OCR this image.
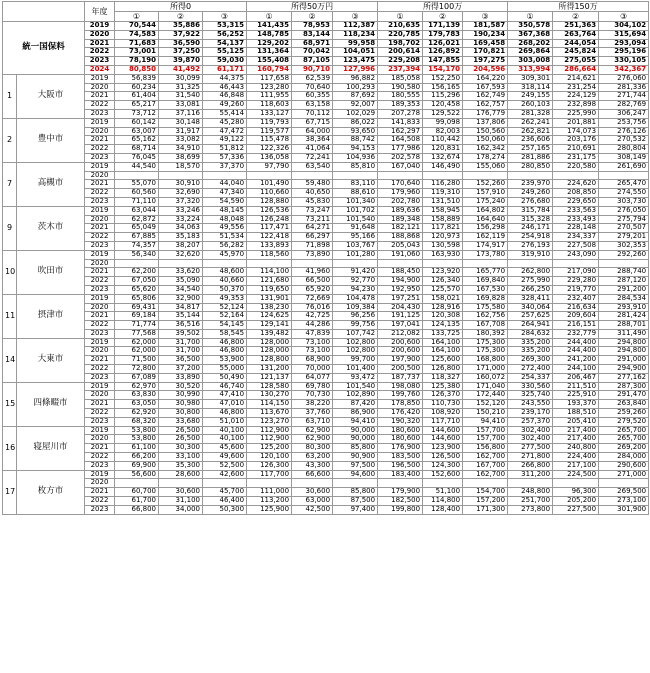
		年度	所得0			所得50万円			所得100万			所得150万		
			①	②	③	①	②	③	①	②	③	①	②	③
統一国保料		2019	70,544	35,886	53,315	141,435	78,953	112,387	210,635	171,139	181,587	350,578	251,363	304,102
		2020	74,583	37,922	56,252	148,785	83,144	118,234	220,785	179,783	190,234	367,368	263,764	315,694
		2021	71,683	36,590	54,137	129,202	68,971	99,958	198,702	126,021	169,458	268,202	244,054	293,094
		2022	73,001	37,250	55,125	131,364	70,042	104,051	200,614	126,892	170,821	269,864	245,824	295,196
		2023	78,190	39,870	59,030	155,408	87,105	123,475	229,208	147,855	197,275	303,008	275,055	330,105
		2024	80,850	41,492	61,171	160,794	90,710	127,996	237,394	154,170	204,596	313,994	286,664	342,367
1	大阪市	2019	56,839	30,099	44,375	117,658	62,539	96,882	185,058	152,250	164,220	309,301	214,621	276,060
		2020	60,234	31,325	46,443	123,280	70,640	100,293	190,580	156,165	167,593	318,114	231,254	281,336
		2021	61,404	31,540	46,848	111,955	60,355	87,692	180,555	115,296	162,749	249,155	224,129	271,744
		2022	65,217	33,081	49,260	118,603	63,158	92,007	189,353	120,458	162,757	260,103	232,898	282,769
		2023	73,712	37,116	55,414	133,127	70,112	102,029	207,278	129,522	176,779	281,328	225,990	306,247
2	豊中市	2019	60,142	30,148	45,280	119,793	67,715	86,022	141,833	99,098	137,806	262,241	201,881	253,756
		2020	63,007	31,917	47,472	119,577	64,000	93,650	162,297	82,003	150,560	262,821	174,073	276,126
		2021	65,162	33,082	49,122	115,478	38,364	88,742	164,508	110,442	150,060	236,606	203,176	270,532
		2022	68,714	34,910	51,812	122,326	41,064	94,153	177,986	120,831	162,342	257,165	210,691	280,804
		2023	76,045	38,699	57,336	136,058	72,241	104,936	202,578	132,674	178,274	281,886	231,175	308,149
7	高槻市	2019	44,540	18,570	37,370	97,790	63,540	85,810	167,040	146,490	155,060	280,850	220,580	261,690
		2020												
		2021	55,070	30,910	44,040	101,490	59,480	83,110	170,640	116,280	152,260	239,970	224,620	265,470
		2022	60,560	32,690	47,340	110,660	40,650	88,610	179,960	119,310	157,910	249,260	208,850	274,550
		2023	71,110	37,320	54,590	128,880	45,830	101,340	202,780	131,510	175,240	276,680	229,650	303,730
9	茨木市	2019	63,044	33,246	48,145	126,536	73,247	101,702	189,636	158,945	164,802	315,784	233,563	276,050
		2020	62,872	33,224	48,048	126,248	73,211	101,540	189,348	158,889	164,640	315,328	233,493	275,794
		2021	65,049	34,063	49,556	117,471	64,271	91,648	182,121	117,821	156,298	246,171	228,148	270,507
		2022	67,885	35,183	51,534	122,418	66,297	95,166	188,868	120,973	162,119	254,918	234,337	279,201
		2023	74,357	38,207	56,282	133,893	71,898	103,767	205,043	130,598	174,917	276,193	227,508	302,353
10	吹田市	2019	56,340	32,620	45,970	118,560	73,890	101,280	191,060	163,930	173,780	319,910	243,090	292,260
		2020												
		2021	62,200	33,620	48,600	114,100	41,960	91,420	188,450	123,920	165,770	262,800	217,090	288,740
		2022	67,050	35,090	40,660	121,680	66,500	92,770	194,900	126,340	169,840	275,990	229,280	287,120
		2023	65,620	34,540	50,370	119,650	65,920	94,230	192,950	125,570	167,530	266,250	219,770	291,200
11	摂津市	2019	65,806	32,900	49,353	131,901	72,669	104,478	197,251	158,021	169,828	328,411	232,407	284,534
		2020	69,431	34,817	52,124	138,230	76,016	109,384	204,430	128,916	175,580	340,064	216,634	293,910
		2021	69,184	35,144	52,164	124,625	42,725	96,256	191,125	120,308	162,756	257,625	209,604	281,424
		2022	71,774	36,516	54,145	129,141	44,286	99,756	197,041	124,135	167,708	264,941	216,151	288,701
		2023	77,568	39,502	58,545	139,482	47,839	107,742	212,082	133,725	180,392	284,632	232,779	311,490
14	大東市	2019	62,000	31,700	46,800	128,000	73,100	102,800	200,600	164,100	175,300	335,200	244,400	294,800
		2020	62,000	31,700	46,800	128,000	73,100	102,800	200,600	164,100	175,300	335,200	244,400	294,800
		2021	71,500	36,500	53,900	128,800	68,900	99,700	197,900	125,600	168,800	269,300	241,200	291,000
		2022	72,800	37,200	55,000	131,200	70,000	101,400	200,500	126,800	171,000	272,400	244,100	294,900
		2023	67,089	33,890	50,490	121,137	64,077	93,472	187,737	118,327	160,072	254,337	206,467	277,162
15	四條畷市	2019	62,970	30,520	46,740	128,580	69,780	101,540	198,080	125,380	171,040	330,560	211,510	287,300
		2020	63,830	30,990	47,410	130,270	70,730	102,890	199,760	126,370	172,440	325,740	225,910	291,470
		2021	63,050	30,980	47,010	114,150	38,220	87,420	178,850	110,730	152,120	243,550	193,370	263,840
		2022	62,920	30,800	46,800	113,670	37,760	86,900	176,420	108,920	150,210	239,170	188,510	259,260
		2023	68,320	33,680	51,010	123,270	63,710	94,410	190,320	117,710	94,410	257,370	205,410	279,520
16	寝屋川市	2019	53,800	26,500	40,100	112,900	62,900	90,000	180,600	144,600	157,700	302,400	217,400	265,700
		2020	53,800	26,500	40,100	112,900	62,900	90,000	180,600	144,600	157,700	302,400	217,400	265,700
		2021	61,100	30,300	45,600	125,200	80,300	85,800	176,900	123,900	156,800	277,500	240,800	269,200
		2022	66,200	33,100	49,600	120,100	63,200	90,900	183,500	126,500	162,700	271,800	224,400	284,000
		2023	69,900	35,300	52,500	126,300	43,300	97,500	196,500	124,300	167,700	266,800	217,100	290,600
17	枚方市	2019	56,600	28,600	42,600	117,700	66,600	94,600	183,400	152,600	162,700	311,200	224,500	271,000
		2020												
		2021	60,700	30,600	45,700	111,000	30,600	85,800	179,900	51,100	154,700	248,800	96,300	269,500
		2022	61,700	31,100	46,400	113,200	63,000	87,500	182,500	114,800	157,200	251,700	205,200	273,100
		2023	66,800	34,000	50,300	125,900	42,500	97,400	199,800	128,400	171,300	273,800	227,500	301,900
